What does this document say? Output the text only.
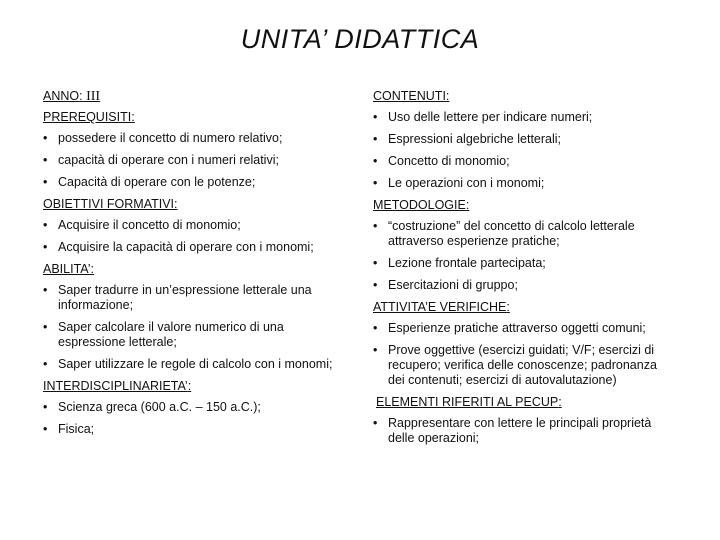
UNITA’ DIDATTICA
ANNO: III
PREREQUISITI:
• possedere il concetto di numero relativo;
• capacità di operare con i numeri relativi;
• Capacità di operare con le potenze;
OBIETTIVI FORMATIVI:
• Acquisire il concetto di monomio;
• Acquisire la capacità di operare con i monomi;
ABILITA’:
• Saper tradurre in un’espressione letterale una informazione;
• Saper calcolare il valore numerico di una espressione letterale;
• Saper utilizzare le regole di calcolo con i monomi;
INTERDISCIPLINARIETA’:
• Scienza greca (600 a.C. – 150 a.C.);
• Fisica;
CONTENUTI:
• Uso delle lettere per indicare numeri;
• Espressioni algebriche letterali;
• Concetto di monomio;
• Le operazioni con i monomi;
METODOLOGIE:
• “costruzione” del concetto di calcolo letterale attraverso esperienze pratiche;
• Lezione frontale partecipata;
• Esercitazioni di gruppo;
ATTIVITA’E VERIFICHE:
• Esperienze pratiche attraverso oggetti comuni;
• Prove oggettive (esercizi guidati; V/F; esercizi di recupero; verifica delle conoscenze; padronanza dei contenuti; esercizi di autovalutazione)
ELEMENTI RIFERITI AL PECUP:
• Rappresentare con lettere le principali proprietà delle operazioni;
